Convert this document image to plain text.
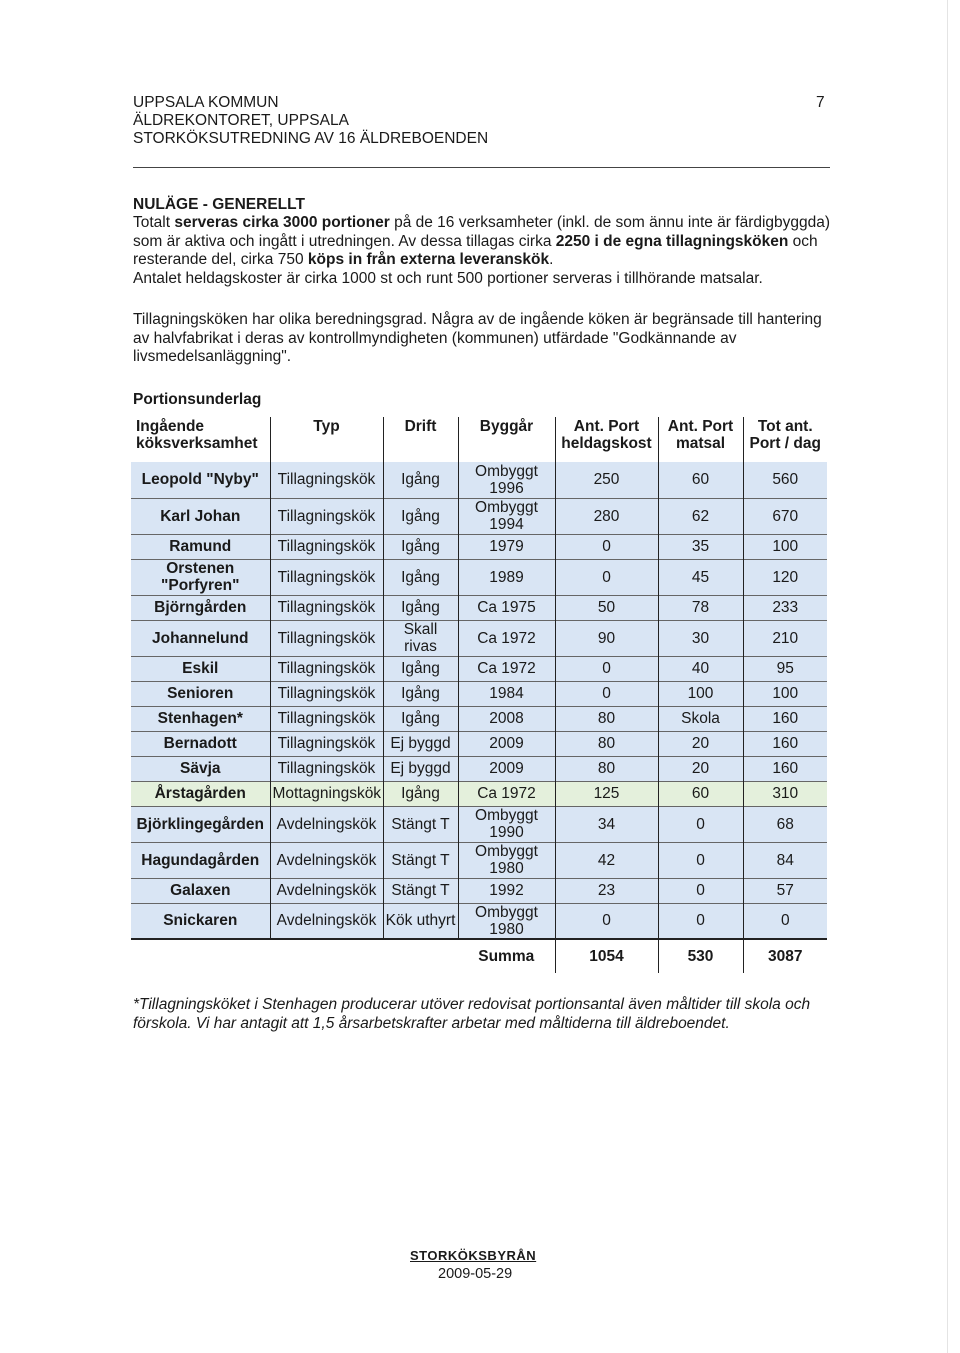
UPPSALA KOMMUN
ÄLDREKONTORET, UPPSALA
STORKÖKSUTREDNING AV 16 ÄLDREBOENDEN
7
NULÄGE - GENERELLT
Totalt serveras cirka 3000 portioner på de 16 verksamheter (inkl. de som ännu inte är färdigbyggda) som är aktiva och ingått i utredningen. Av dessa tillagas cirka 2250 i de egna tillagningsköken och resterande del, cirka 750 köps in från externa leveranskök.
Antalet heldagskoster är cirka 1000 st och runt 500 portioner serveras i tillhörande matsalar.
Tillagningsköken har olika beredningsgrad. Några av de ingående köken är begränsade till hantering av halvfabrikat i deras av kontrollmyndigheten (kommunen) utfärdade "Godkännande av livsmedelsanläggning".
Portionsunderlag
Ingående köksverksamhet	Typ	Drift	Byggår	Ant. Port heldagskost	Ant. Port matsal	Tot ant. Port / dag
Leopold "Nyby"	Tillagningskök	Igång	Ombyggt 1996	250	60	560
Karl Johan	Tillagningskök	Igång	Ombyggt 1994	280	62	670
Ramund	Tillagningskök	Igång	1979	0	35	100
Orstenen "Porfyren"	Tillagningskök	Igång	1989	0	45	120
Björngården	Tillagningskök	Igång	Ca 1975	50	78	233
Johannelund	Tillagningskök	Skall rivas	Ca 1972	90	30	210
Eskil	Tillagningskök	Igång	Ca 1972	0	40	95
Senioren	Tillagningskök	Igång	1984	0	100	100
Stenhagen*	Tillagningskök	Igång	2008	80	Skola	160
Bernadott	Tillagningskök	Ej byggd	2009	80	20	160
Sävja	Tillagningskök	Ej byggd	2009	80	20	160
Årstagården	Mottagningskök	Igång	Ca 1972	125	60	310
Björklingegården	Avdelningskök	Stängt T	Ombyggt 1990	34	0	68
Hagundagården	Avdelningskök	Stängt T	Ombyggt 1980	42	0	84
Galaxen	Avdelningskök	Stängt T	1992	23	0	57
Snickaren	Avdelningskök	Kök uthyrt	Ombyggt 1980	0	0	0
			Summa	1054	530	3087
*Tillagningsköket i Stenhagen producerar utöver redovisat portionsantal även måltider till skola och förskola. Vi har antagit att 1,5 årsarbetskrafter arbetar med måltiderna till äldreboendet.
STORKÖKSBYRÅN
2009-05-29
